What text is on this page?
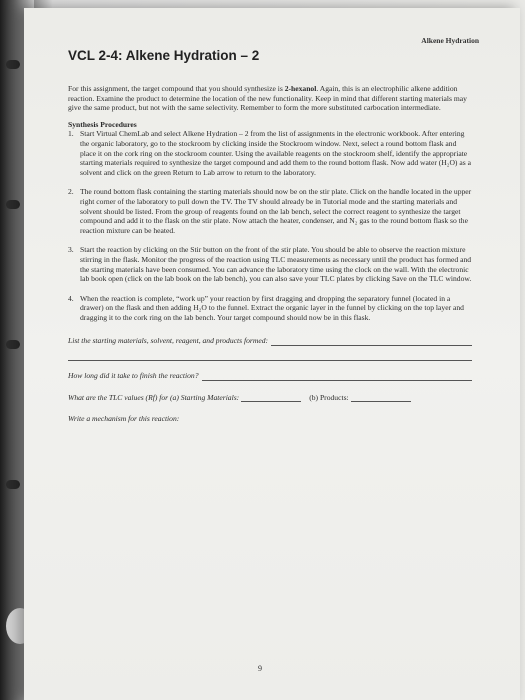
Alkene Hydration
VCL 2-4: Alkene Hydration – 2

For this assignment, the target compound that you should synthesize is 2-hexanol. Again, this is an electrophilic alkene addition reaction. Examine the product to determine the location of the new functionality. Keep in mind that different starting materials may give the same product, but not with the same selectivity. Remember to form the more substituted carbocation intermediate.

Synthesis Procedures

1. Start Virtual ChemLab and select Alkene Hydration – 2 from the list of assignments in the electronic workbook. After entering the organic laboratory, go to the stockroom by clicking inside the Stockroom window. Next, select a round bottom flask and place it on the cork ring on the stockroom counter. Using the available reagents on the stockroom shelf, identify the appropriate starting materials required to synthesize the target compound and add them to the round bottom flask. Now add water (H₂O) as a solvent and click on the green Return to Lab arrow to return to the laboratory.
2. The round bottom flask containing the starting materials should now be on the stir plate. Click on the handle located in the upper right corner of the laboratory to pull down the TV. The TV should already be in Tutorial mode and the starting materials and solvent should be listed. From the group of reagents found on the lab bench, select the correct reagent to synthesize the target compound and add it to the flask on the stir plate. Now attach the heater, condenser, and N₂ gas to the round bottom flask so the reaction mixture can be heated.
3. Start the reaction by clicking on the Stir button on the front of the stir plate. You should be able to observe the reaction mixture stirring in the flask. Monitor the progress of the reaction using TLC measurements as necessary until the product has formed and the starting materials have been consumed. You can advance the laboratory time using the clock on the wall. With the electronic lab book open (click on the lab book on the lab bench), you can also save your TLC plates by clicking Save on the TLC window.
4. When the reaction is complete, “work up” your reaction by first dragging and dropping the separatory funnel (located in a drawer) on the flask and then adding H₂O to the funnel. Extract the organic layer in the funnel by clicking on the top layer and dragging it to the cork ring on the lab bench. Your target compound should now be in this flask.
List the starting materials, solvent, reagent, and products formed:
How long did it take to finish the reaction?
What are the TLC values (Rf) for (a) Starting Materials:	(b) Products:
Write a mechanism for this reaction:
9
